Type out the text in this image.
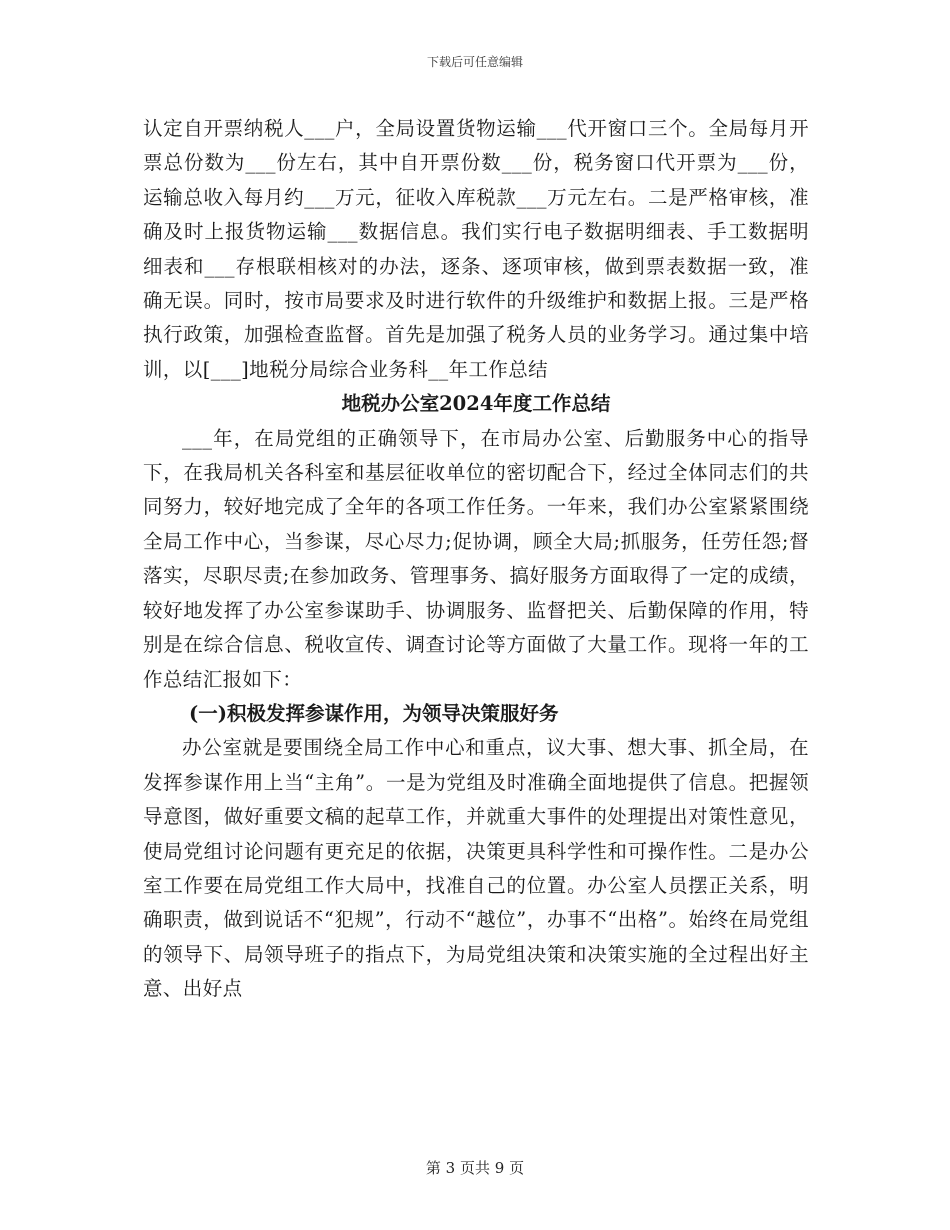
下载后可任意编辑

认定自开票纳税人___户，全局设置货物运输___代开窗口三个。全局每月开票总份数为___份左右，其中自开票份数___份，税务窗口代开票为___份，运输总收入每月约___万元，征收入库税款___万元左右。二是严格审核，准确及时上报货物运输___数据信息。我们实行电子数据明细表、手工数据明细表和___存根联相核对的办法，逐条、逐项审核，做到票表数据一致，准确无误。同时，按市局要求及时进行软件的升级维护和数据上报。三是严格执行政策，加强检查监督。首先是加强了税务人员的业务学习。通过集中培训，以[___]地税分局综合业务科__年工作总结

地税办公室2024年度工作总结

___年，在局党组的正确领导下，在市局办公室、后勤服务中心的指导下，在我局机关各科室和基层征收单位的密切配合下，经过全体同志们的共同努力，较好地完成了全年的各项工作任务。一年来，我们办公室紧紧围绕全局工作中心，当参谋，尽心尽力;促协调，顾全大局;抓服务，任劳任怨;督落实，尽职尽责;在参加政务、管理事务、搞好服务方面取得了一定的成绩，较好地发挥了办公室参谋助手、协调服务、监督把关、后勤保障的作用，特别是在综合信息、税收宣传、调查讨论等方面做了大量工作。现将一年的工作总结汇报如下：

(一)积极发挥参谋作用，为领导决策服好务

办公室就是要围绕全局工作中心和重点，议大事、想大事、抓全局，在发挥参谋作用上当“主角”。一是为党组及时准确全面地提供了信息。把握领导意图，做好重要文稿的起草工作，并就重大事件的处理提出对策性意见，使局党组讨论问题有更充足的依据，决策更具科学性和可操作性。二是办公室工作要在局党组工作大局中，找准自己的位置。办公室人员摆正关系，明确职责，做到说话不“犯规”，行动不“越位”，办事不“出格”。始终在局党组的领导下、局领导班子的指点下，为局党组决策和决策实施的全过程出好主意、出好点

第 3 页共 9 页
